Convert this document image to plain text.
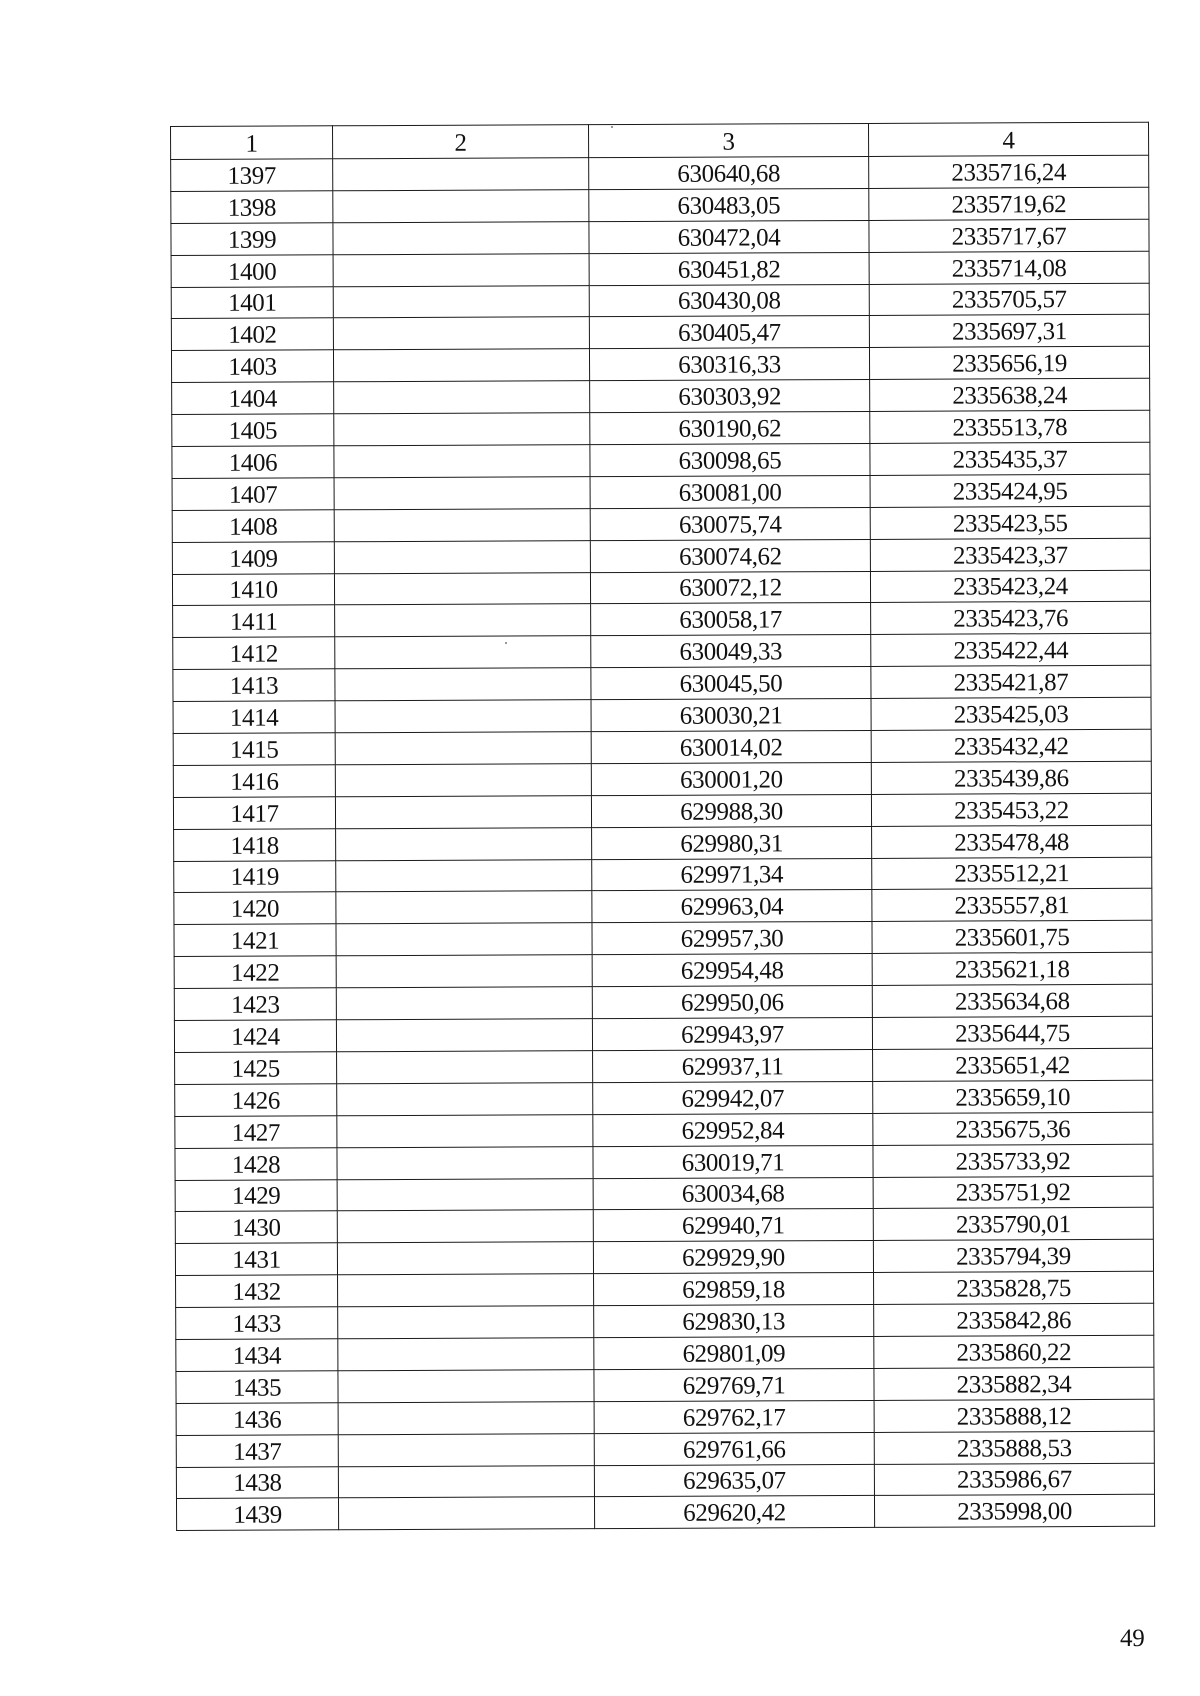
1	2	3	4
1397		630640,68	2335716,24
1398		630483,05	2335719,62
1399		630472,04	2335717,67
1400		630451,82	2335714,08
1401		630430,08	2335705,57
1402		630405,47	2335697,31
1403		630316,33	2335656,19
1404		630303,92	2335638,24
1405		630190,62	2335513,78
1406		630098,65	2335435,37
1407		630081,00	2335424,95
1408		630075,74	2335423,55
1409		630074,62	2335423,37
1410		630072,12	2335423,24
1411		630058,17	2335423,76
1412		630049,33	2335422,44
1413		630045,50	2335421,87
1414		630030,21	2335425,03
1415		630014,02	2335432,42
1416		630001,20	2335439,86
1417		629988,30	2335453,22
1418		629980,31	2335478,48
1419		629971,34	2335512,21
1420		629963,04	2335557,81
1421		629957,30	2335601,75
1422		629954,48	2335621,18
1423		629950,06	2335634,68
1424		629943,97	2335644,75
1425		629937,11	2335651,42
1426		629942,07	2335659,10
1427		629952,84	2335675,36
1428		630019,71	2335733,92
1429		630034,68	2335751,92
1430		629940,71	2335790,01
1431		629929,90	2335794,39
1432		629859,18	2335828,75
1433		629830,13	2335842,86
1434		629801,09	2335860,22
1435		629769,71	2335882,34
1436		629762,17	2335888,12
1437		629761,66	2335888,53
1438		629635,07	2335986,67
1439		629620,42	2335998,00
49
